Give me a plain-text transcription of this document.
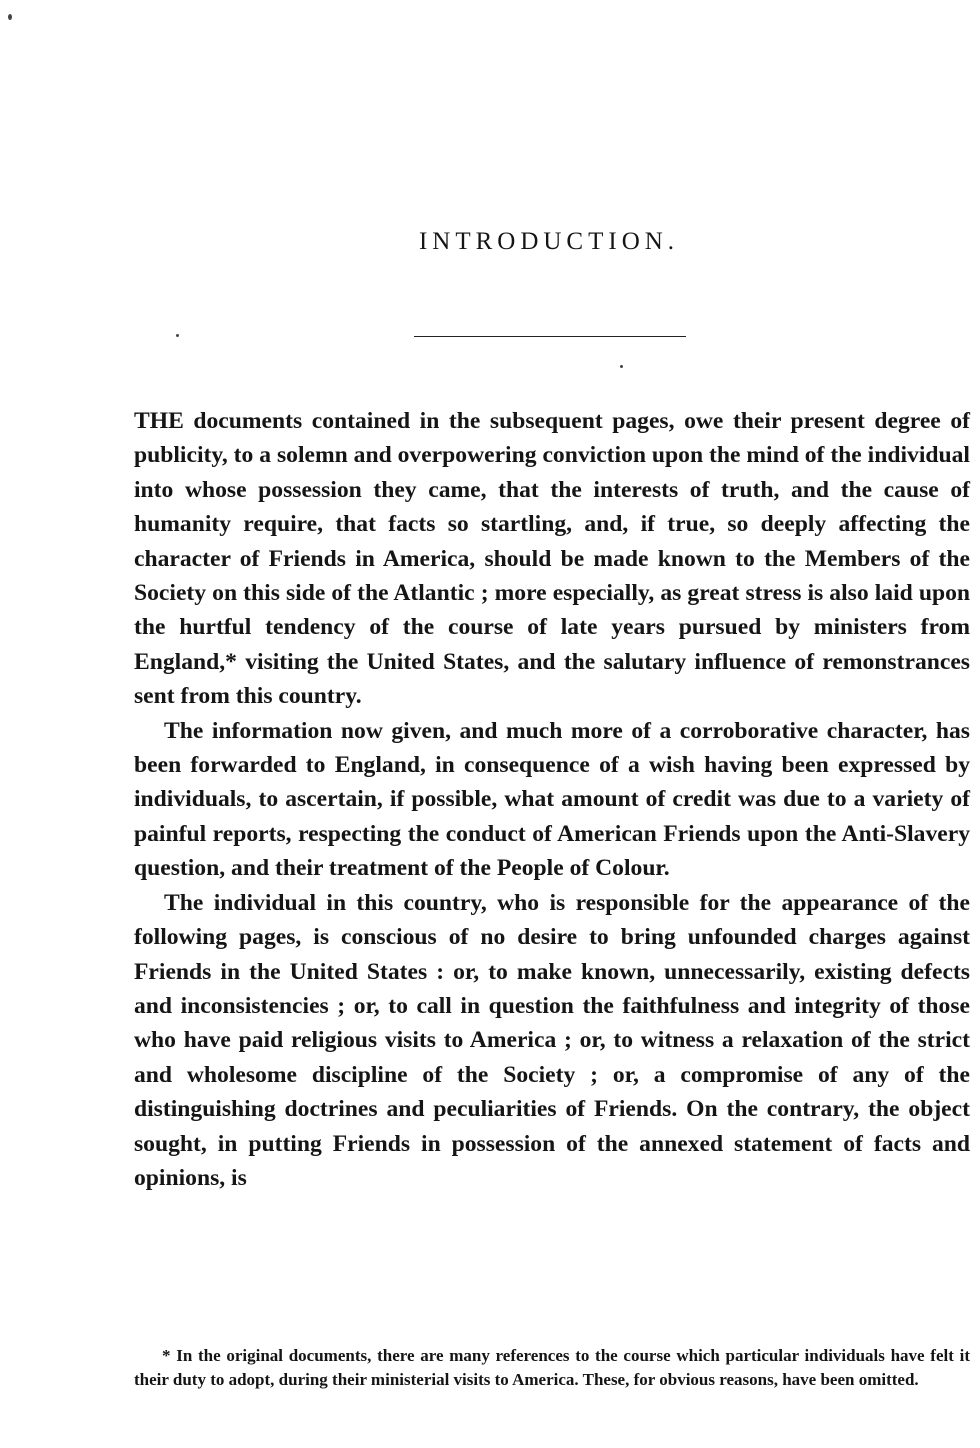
INTRODUCTION.

THE documents contained in the subsequent pages, owe their present degree of publicity, to a solemn and overpowering conviction upon the mind of the individual into whose possession they came, that the interests of truth, and the cause of humanity require, that facts so startling, and, if true, so deeply affecting the character of Friends in America, should be made known to the Members of the Society on this side of the Atlantic ; more especially, as great stress is also laid upon the hurtful tendency of the course of late years pursued by ministers from England,* visiting the United States, and the salutary influence of remonstrances sent from this country.

The information now given, and much more of a corroborative character, has been forwarded to England, in consequence of a wish having been expressed by individuals, to ascertain, if possible, what amount of credit was due to a variety of painful reports, respecting the conduct of American Friends upon the Anti-Slavery question, and their treatment of the People of Colour.

The individual in this country, who is responsible for the appearance of the following pages, is conscious of no desire to bring unfounded charges against Friends in the United States : or, to make known, unnecessarily, existing defects and inconsistencies ; or, to call in question the faithfulness and integrity of those who have paid religious visits to America ; or, to witness a relaxation of the strict and wholesome discipline of the Society ; or, a compromise of any of the distinguishing doctrines and peculiarities of Friends. On the contrary, the object sought, in putting Friends in possession of the annexed statement of facts and opinions, is

* In the original documents, there are many references to the course which particular individuals have felt it their duty to adopt, during their ministerial visits to America. These, for obvious reasons, have been omitted.
